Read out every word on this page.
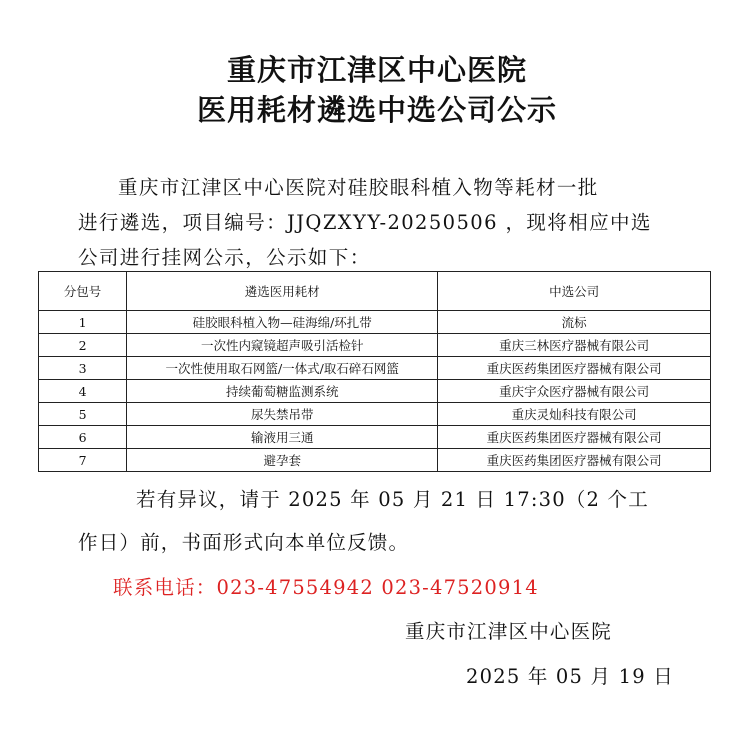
重庆市江津区中心医院
医用耗材遴选中选公司公示
重庆市江津区中心医院对硅胶眼科植入物等耗材一批
进行遴选，项目编号：JJQZXYY-20250506 ，现将相应中选
公司进行挂网公示，公示如下：
分包号	遴选医用耗材	中选公司
1	硅胶眼科植入物—硅海绵/环扎带	流标
2	一次性内窥镜超声吸引活检针	重庆三林医疗器械有限公司
3	一次性使用取石网篮/一体式/取石碎石网篮	重庆医药集团医疗器械有限公司
4	持续葡萄糖监测系统	重庆宇众医疗器械有限公司
5	尿失禁吊带	重庆灵灿科技有限公司
6	输液用三通	重庆医药集团医疗器械有限公司
7	避孕套	重庆医药集团医疗器械有限公司
若有异议，请于 2025 年 05 月 21 日 17:30（2 个工
作日）前，书面形式向本单位反馈。
联系电话：023-47554942 023-47520914
重庆市江津区中心医院
2025 年 05 月 19 日
